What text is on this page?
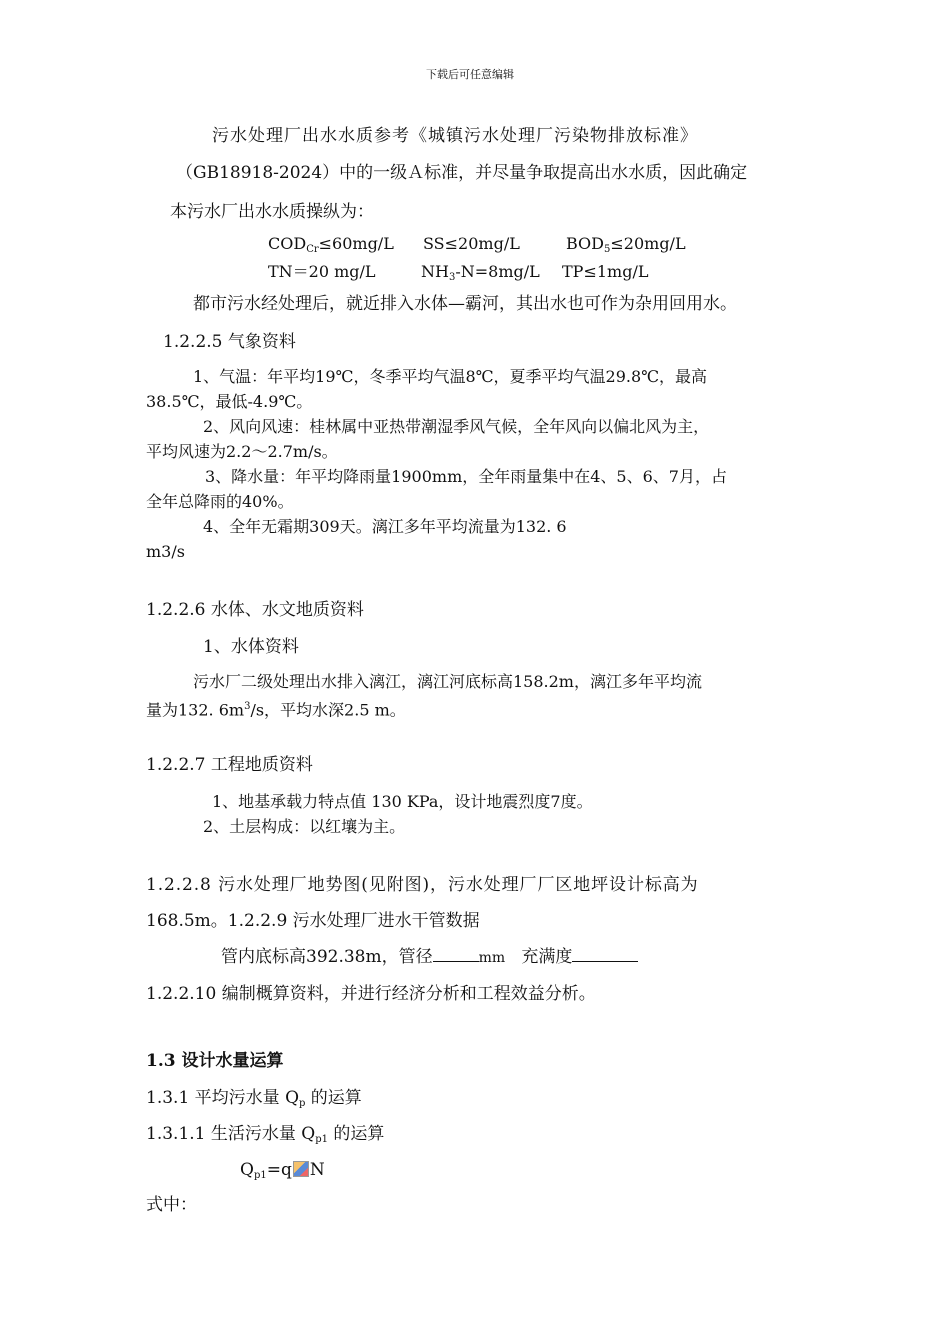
下载后可任意编辑
污水处理厂出水水质参考《城镇污水处理厂污染物排放标准》
（GB18918-2024）中的一级Ａ标准，并尽量争取提高出水水质，因此确定
本污水厂出水水质操纵为：
$COD_{Cr}\le 60mg/L$ SS≤20mg/L	$BOD_5\le 20mg/L$
TN＝20 mg/L	$NH_3-N=8mg/L$ TP≤1mg/L
都市污水经处理后，就近排入水体—霸河，其出水也可作为杂用回用水。
1.2.2.5 气象资料
1、气温：年平均19℃，冬季平均气温8℃，夏季平均气温29.8℃，最高
38.5℃，最低-4.9℃。
2、风向风速：桂林属中亚热带潮湿季风气候，全年风向以偏北风为主，
平均风速为2.2～2.7m/s。
3、降水量：年平均降雨量1900mm，全年雨量集中在4、5、6、7月，占
全年总降雨的40%。
4、全年无霜期309天。漓江多年平均流量为132. 6
m3/s
1.2.2.6 水体、水文地质资料
1、水体资料
污水厂二级处理出水排入漓江，漓江河底标高158.2m，漓江多年平均流
量为132. $6m^3/s$，平均水深2.5 m。
1.2.2.7 工程地质资料
1、地基承载力特点值 130 KPa，设计地震烈度7度。
2、土层构成：以红壤为主。
1.2.2.8 污水处理厂地势图(见附图)，污水处理厂厂区地坪设计标高为
168.5m。1.2.2.9 污水处理厂进水干管数据
管内底标高392.38m，管径	mm 充满度
1.2.2.10 编制概算资料，并进行经济分析和工程效益分析。
1.3 设计水量运算
1.3.1 平均污水量 $Q_p$ 的运算
1.3.1.1 生活污水量 $Q_{p1}$ 的运算
$Q_{p1}=q$ N
式中：
